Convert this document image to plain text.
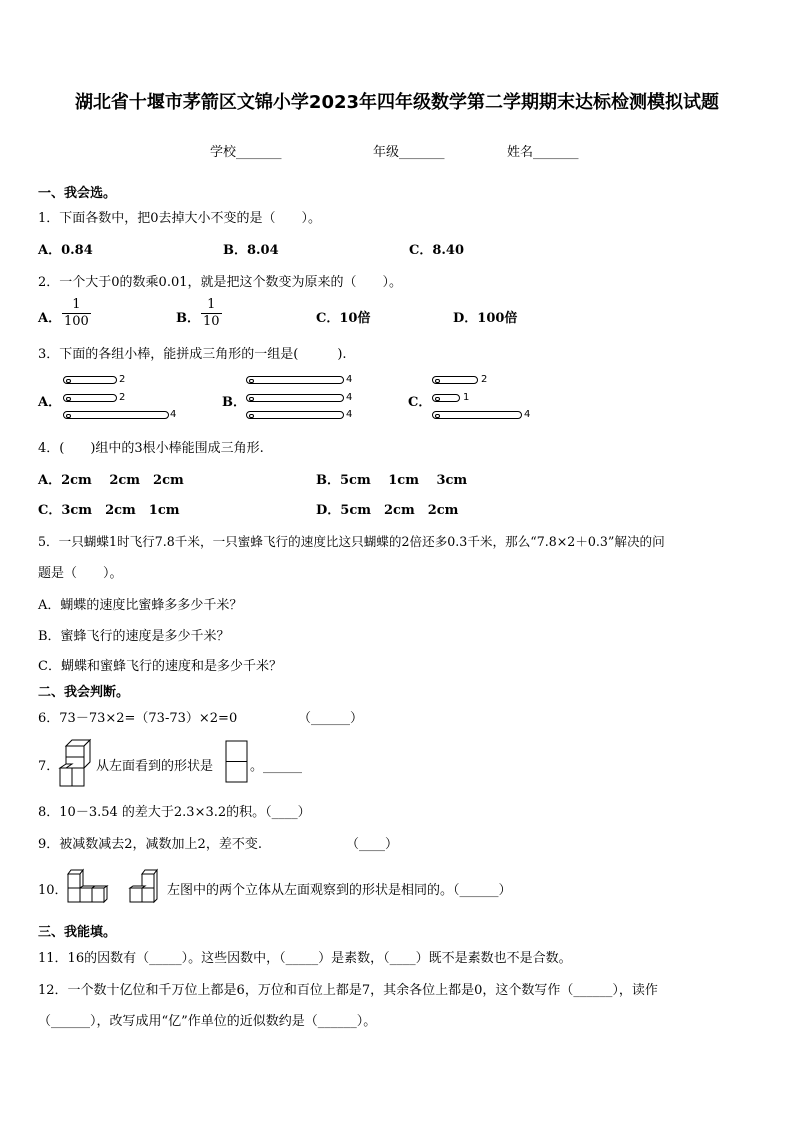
湖北省十堰市茅箭区文锦小学2023年四年级数学第二学期期末达标检测模拟试题
学校_______	年级_______	姓名_______
一、我会选。
1．下面各数中，把0去掉大小不变的是（　　）。
A．0.84	B．8.04	C．8.40
2．一个大于0的数乘0.01，就是把这个数变为原来的（　　）。
A． $\frac{1}{100}$	B． $\frac{1}{10}$	C．10倍	D．100倍
3．下面的各组小棒，能拼成三角形的一组是(　　　).
A．
2
2
4
B．
4
4
4
C．
2
1
4
4．(　　)组中的3根小棒能围成三角形.
A．2cm　 2cm　2cm	B．5cm　 1cm　 3cm
C．3cm　2cm　1cm	D．5cm　2cm　2cm
5．一只蝴蝶1时飞行7.8千米，一只蜜蜂飞行的速度比这只蝴蝶的2倍还多0.3千米，那么“7.8×2＋0.3”解决的问
题是（　　）。
A．蝴蝶的速度比蜜蜂多多少千米？
B．蜜蜂飞行的速度是多少千米？
C．蝴蝶和蜜蜂飞行的速度和是多少千米？
二、我会判断。
6．73－73×2=（73-73）×2=0	（______）
7．	从左面看到的形状是	。______
8．10－3.54 的差大于2.3×3.2的积。（____）
9．被减数减去2，减数加上2，差不变.	（____）
10．	左图中的两个立体从左面观察到的形状是相同的。（______）
三、我能填。
11．16的因数有（_____）。这些因数中，（_____）是素数，（____）既不是素数也不是合数。
12．一个数十亿位和千万位上都是6，万位和百位上都是7，其余各位上都是0，这个数写作（______），读作
（______），改写成用“亿”作单位的近似数约是（______）。
